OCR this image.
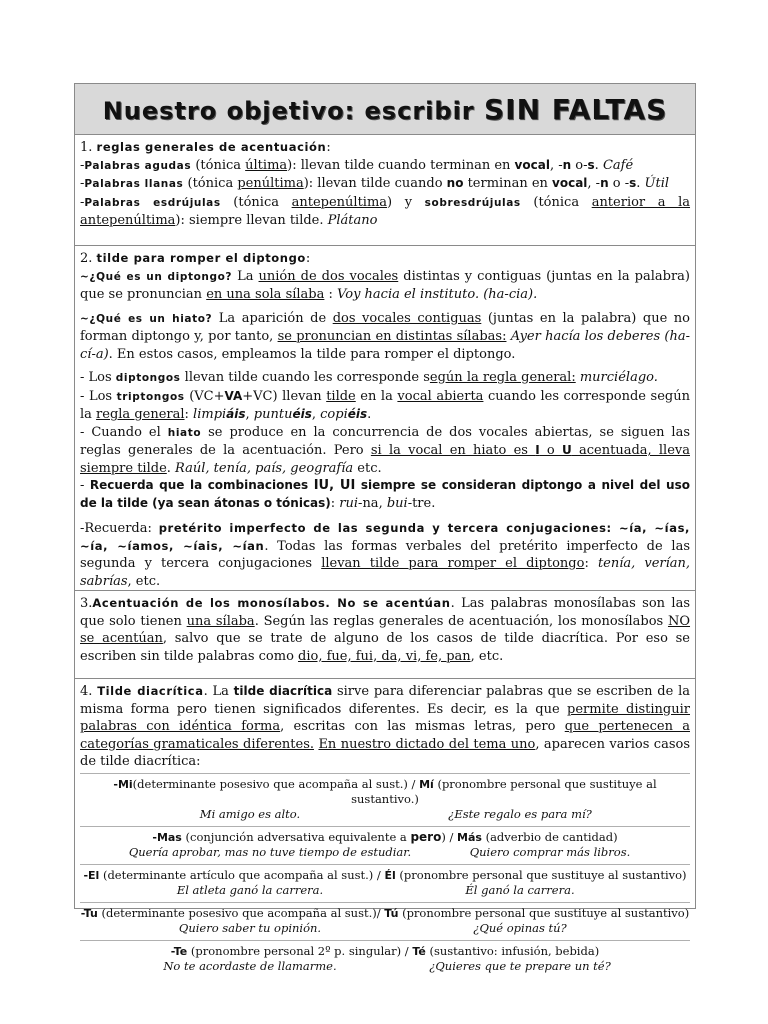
Nuestro objetivo: escribir SIN FALTAS

1. reglas generales de acentuación:

-Palabras agudas (tónica última): llevan tilde cuando terminan en vocal, -n o-s. Café
-Palabras llanas (tónica penúltima): llevan tilde cuando no terminan en vocal, -n o -s. Útil
-Palabras esdrújulas (tónica antepenúltima) y sobresdrújulas (tónica anterior a la antepenúltima): siempre llevan tilde. Plátano

2. tilde para romper el diptongo:

~¿Qué es un diptongo? La unión de dos vocales distintas y contiguas (juntas en la palabra) que se pronuncian en una sola sílaba : Voy hacia el instituto. (ha-cia).

~¿Qué es un hiato? La aparición de dos vocales contiguas (juntas en la palabra) que no forman diptongo y, por tanto, se pronuncian en distintas sílabas: Ayer hacía los deberes (ha-cí-a). En estos casos, empleamos la tilde para romper el diptongo.

- Los diptongos llevan tilde cuando les corresponde según la regla general: murciélago.

- Los triptongos (VC+VA+VC) llevan tilde en la vocal abierta cuando les corresponde según la regla general: limpiáis, puntuéis, copiéis.
- Cuando el hiato se produce en la concurrencia de dos vocales abiertas, se siguen las reglas generales de la acentuación. Pero si la vocal en hiato es I o U acentuada, lleva siempre tilde. Raúl, tenía, país, geografía etc.
- Recuerda que la combinaciones IU, UI siempre se consideran diptongo a nivel del uso de la tilde (ya sean átonas o tónicas): rui-na, bui-tre.

-Recuerda: pretérito imperfecto de las segunda y tercera conjugaciones: ~ía, ~ías, ~ía, ~íamos, ~íais, ~ían. Todas las formas verbales del pretérito imperfecto de las segunda y tercera conjugaciones llevan tilde para romper el diptongo: tenía, verían, sabrías, etc.

3.Acentuación de los monosílabos. No se acentúan. Las palabras monosílabas son las que solo tienen una sílaba. Según las reglas generales de acentuación, los monosílabos NO se acentúan, salvo que se trate de alguno de los casos de tilde diacrítica. Por eso se escriben sin tilde palabras como dio, fue, fui, da, vi, fe, pan, etc.
4. Tilde diacrítica. La tilde diacrítica sirve para diferenciar palabras que se escriben de la misma forma pero tienen significados diferentes. Es decir, es la que permite distinguir palabras con idéntica forma, escritas con las mismas letras, pero que pertenecen a categorías gramaticales diferentes. En nuestro dictado del tema uno, aparecen varios casos de tilde diacrítica:
-Mi(determinante posesivo que acompaña al sust.) / Mí (pronombre personal que sustituye al sustantivo.)
Mi amigo es alto.	¿Este regalo es para mí?
-Mas (conjunción adversativa equivalente a pero) / Más (adverbio de cantidad)
Quería aprobar, mas no tuve tiempo de estudiar.	Quiero comprar más libros.
-El (determinante artículo que acompaña al sust.) / Él (pronombre personal que sustituye al sustantivo)
El atleta ganó la carrera.	Él ganó la carrera.
-Tu (determinante posesivo que acompaña al sust.)/ Tú (pronombre personal que sustituye al sustantivo)
Quiero saber tu opinión.	¿Qué opinas tú?
-Te (pronombre personal 2º p. singular) / Té (sustantivo: infusión, bebida)
No te acordaste de llamarme.	¿Quieres que te prepare un té?
